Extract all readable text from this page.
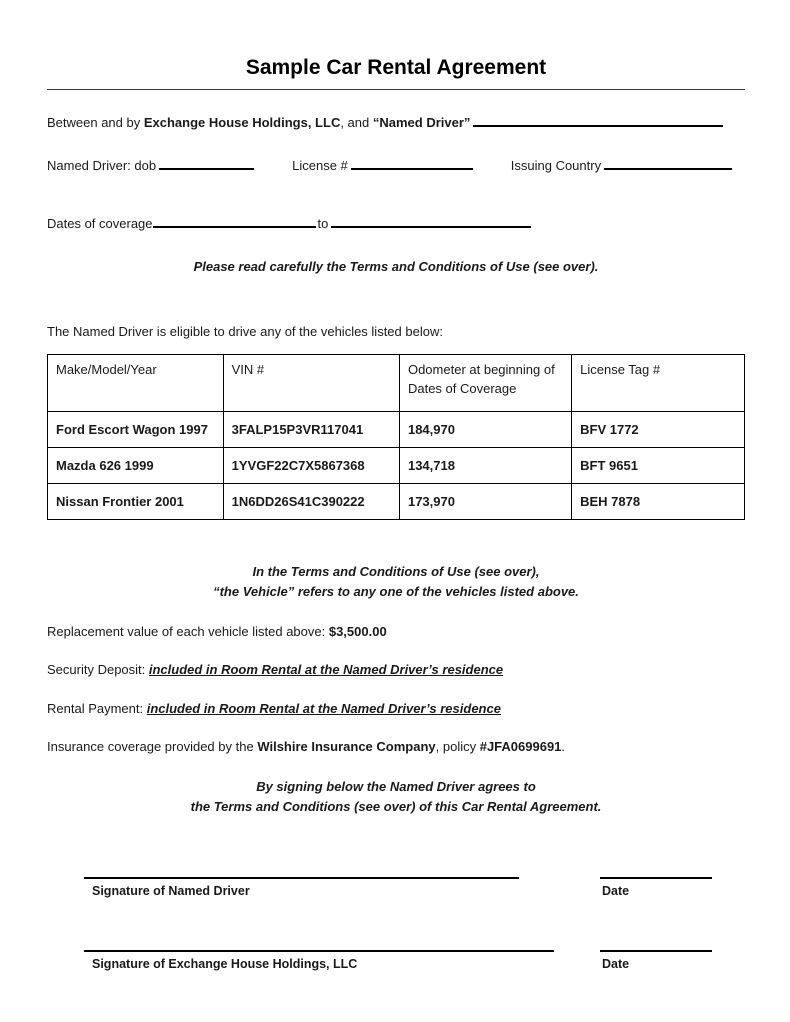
Sample Car Rental Agreement
Between and by Exchange House Holdings, LLC, and “Named Driver”
Named Driver: dob	License #	Issuing Country
Dates of coverage	to
Please read carefully the Terms and Conditions of Use (see over).
The Named Driver is eligible to drive any of the vehicles listed below:
Make/Model/Year	VIN #	Odometer at beginning of Dates of Coverage	License Tag #
Ford Escort Wagon 1997	3FALP15P3VR117041	184,970	BFV 1772
Mazda 626 1999	1YVGF22C7X5867368	134,718	BFT 9651
Nissan Frontier 2001	1N6DD26S41C390222	173,970	BEH 7878
In the Terms and Conditions of Use (see over),
“the Vehicle” refers to any one of the vehicles listed above.
Replacement value of each vehicle listed above: $3,500.00
Security Deposit: included in Room Rental at the Named Driver’s residence
Rental Payment: included in Room Rental at the Named Driver’s residence
Insurance coverage provided by the Wilshire Insurance Company, policy #JFA0699691.
By signing below the Named Driver agrees to
the Terms and Conditions (see over) of this Car Rental Agreement.
Signature of Named Driver	Date
Signature of Exchange House Holdings, LLC	Date
